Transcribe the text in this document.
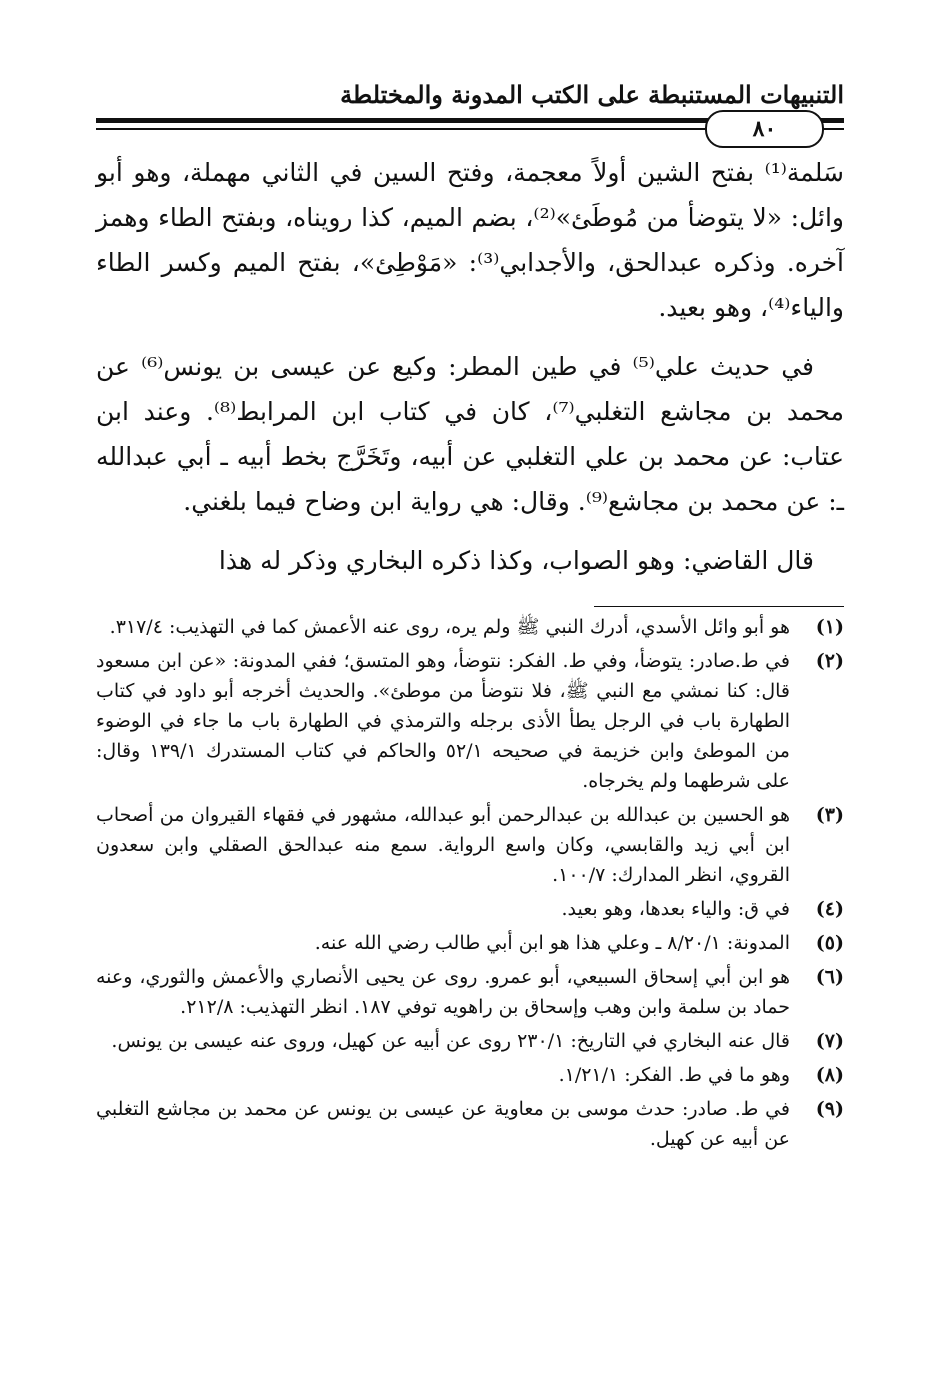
التنبيهات المستنبطة على الكتب المدونة والمختلطة
٨٠

سَلمة⁽¹⁾ بفتح الشين أولاً معجمة، وفتح السين في الثاني مهملة، وهو أبو وائل: «لا يتوضأ من مُوطَئ»⁽²⁾، بضم الميم، كذا رويناه، وبفتح الطاء وهمز آخره. وذكره عبدالحق، والأجدابي⁽³⁾: «مَوْطِئ»، بفتح الميم وكسر الطاء والياء⁽⁴⁾، وهو بعيد.

في حديث علي⁽⁵⁾ في طين المطر: وكيع عن عيسى بن يونس⁽⁶⁾ عن محمد بن مجاشع التغلبي⁽⁷⁾، كان في كتاب ابن المرابط⁽⁸⁾. وعند ابن عتاب: عن محمد بن علي التغلبي عن أبيه، وتَخَرَّج بخط أبيه ـ أبي عبدالله ـ: عن محمد بن مجاشع⁽⁹⁾. وقال: هي رواية ابن وضاح فيما بلغني.

قال القاضي: وهو الصواب، وكذا ذكره البخاري وذكر له هذا

(١)
هو أبو وائل الأسدي، أدرك النبي ﷺ ولم يره، روى عنه الأعمش كما في التهذيب: ٣١٧/٤.
(٢)
في ط.صادر: يتوضأ، وفي ط. الفكر: نتوضأ، وهو المتسق؛ ففي المدونة: «عن ابن مسعود قال: كنا نمشي مع النبي ﷺ، فلا نتوضأ من موطئ». والحديث أخرجه أبو داود في كتاب الطهارة باب في الرجل يطأ الأذى برجله والترمذي في الطهارة باب ما جاء في الوضوء من الموطئ وابن خزيمة في صحيحه ٥٢/١ والحاكم في كتاب المستدرك ١٣٩/١ وقال: على شرطهما ولم يخرجاه.
(٣)
هو الحسين بن عبدالله بن عبدالرحمن أبو عبدالله، مشهور في فقهاء القيروان من أصحاب ابن أبي زيد والقابسي، وكان واسع الرواية. سمع منه عبدالحق الصقلي وابن سعدون القروي، انظر المدارك: ١٠٠/٧.
(٤)
في ق: والياء بعدها، وهو بعيد.
(٥)
المدونة: ٨/٢٠/١ ـ وعلي هذا هو ابن أبي طالب رضي الله عنه.
(٦)
هو ابن أبي إسحاق السبيعي، أبو عمرو. روى عن يحيى الأنصاري والأعمش والثوري، وعنه حماد بن سلمة وابن وهب وإسحاق بن راهويه توفي ١٨٧. انظر التهذيب: ٢١٢/٨.
(٧)
قال عنه البخاري في التاريخ: ٢٣٠/١ روى عن أبيه عن كهيل، وروى عنه عيسى بن يونس.
(٨)
وهو ما في ط. الفكر: ١/٢١/١.
(٩)
في ط. صادر: حدث موسى بن معاوية عن عيسى بن يونس عن محمد بن مجاشع التغلبي عن أبيه عن كهيل.
